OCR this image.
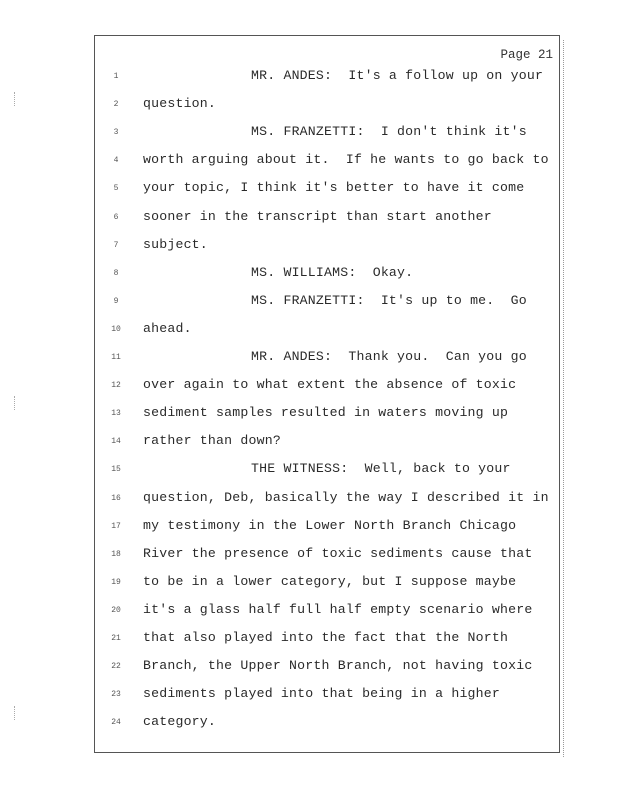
Page 21
1	MR. ANDES:  It's a follow up on your
2	question.
3	MS. FRANZETTI:  I don't think it's
4	worth arguing about it.  If he wants to go back to
5	your topic, I think it's better to have it come
6	sooner in the transcript than start another
7	subject.
8	MS. WILLIAMS:  Okay.
9	MS. FRANZETTI:  It's up to me.  Go
10	ahead.
11	MR. ANDES:  Thank you.  Can you go
12	over again to what extent the absence of toxic
13	sediment samples resulted in waters moving up
14	rather than down?
15	THE WITNESS:  Well, back to your
16	question, Deb, basically the way I described it in
17	my testimony in the Lower North Branch Chicago
18	River the presence of toxic sediments cause that
19	to be in a lower category, but I suppose maybe
20	it's a glass half full half empty scenario where
21	that also played into the fact that the North
22	Branch, the Upper North Branch, not having toxic
23	sediments played into that being in a higher
24	category.
